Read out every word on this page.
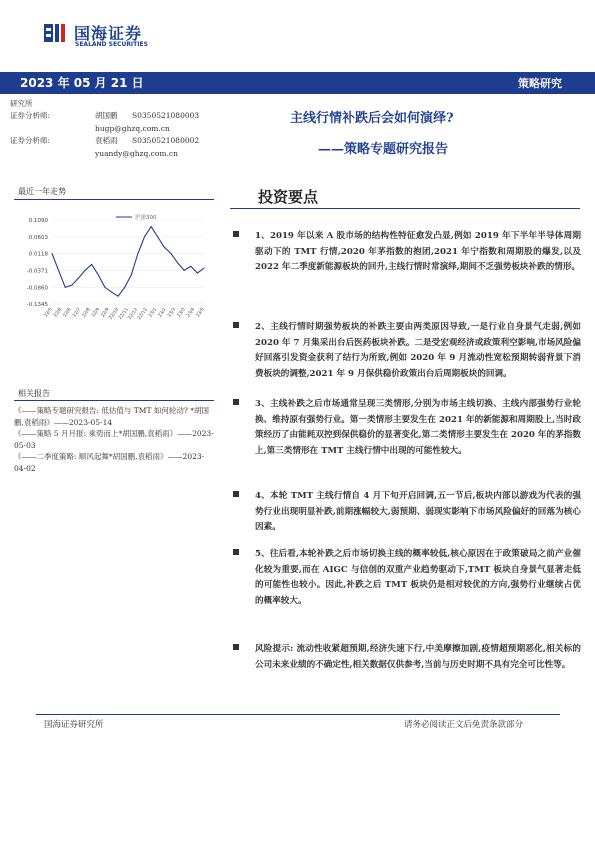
国海证券
SEALAND SECURITIES
2023 年 05 月 21 日	策略研究
研究所
证券分析师:	胡国鹏 S0350521080003
hugp@ghzq.com.cn
证券分析师:	袁稻雨 S0350521080002
yuandy@ghzq.com.cn
主线行情补跌后会如何演绎?
——策略专题研究报告
最近一年走势
0.1090
0.0603
0.0118
-0.0371
-0.0860
-0.1345
22/5 22/6 22/6 22/7 22/8 22/9 22/9
22/10
22/11
22/12
22/12 23/1 23/2 23/3 23/3 23/4 23/5
沪深300
相关报告

《——策略专题研究报告: 低估值与 TMT 如何轮动? *胡国鹏,袁稻雨》——2023-05-14

《——策略 5 月月报: 乘势而上*胡国鹏,袁稻雨》——2023-05-03

《——二季度策略: 顺风起舞*胡国鹏,袁稻雨》——2023-04-02

投资要点
1、2019 年以来 A 股市场的结构性特征愈发凸显,例如 2019 年下半年半导体周期驱动下的 TMT 行情,2020 年茅指数的抱团,2021 年宁指数和周期股的爆发,以及 2022 年二季度新能源板块的回升,主线行情时常演绎,期间不乏强势板块补跌的情形。
2、主线行情时期强势板块的补跌主要由两类原因导致,一是行业自身景气走弱,例如 2020 年 7 月集采出台后医药板块补跌。二是受宏观经济或政策利空影响,市场风险偏好回落引发资金获利了结行为所致,例如 2020 年 9 月流动性宽松预期转弱背景下消费板块的调整,2021 年 9 月保供稳价政策出台后周期板块的回调。
3、主线补跌之后市场通常呈现三类情形,分别为市场主线切换、主线内部强势行业轮换、维持原有强势行业。第一类情形主要发生在 2021 年的新能源和周期股上,当时政策经历了由能耗双控到保供稳价的显著变化,第二类情形主要发生在 2020 年的茅指数上,第三类情形在 TMT 主线行情中出现的可能性较大。
4、本轮 TMT 主线行情自 4 月下旬开启回调,五一节后,板块内部以游戏为代表的强势行业出现明显补跌,前期涨幅较大,弱预期、弱现实影响下市场风险偏好的回落为核心因素。
5、往后看,本轮补跌之后市场切换主线的概率较低,核心原因在于政策破局之前产业催化较为重要,而在 AIGC 与信创的双重产业趋势驱动下,TMT 板块自身景气显著走低的可能性也较小。因此,补跌之后 TMT 板块仍是相对较优的方向,强势行业继续占优的概率较大。
风险提示: 流动性收紧超预期,经济失速下行,中美摩擦加剧,疫情超预期恶化,相关标的公司未来业绩的不确定性,相关数据仅供参考,当前与历史时期不具有完全可比性等。
国海证券研究所	请务必阅读正文后免责条款部分
